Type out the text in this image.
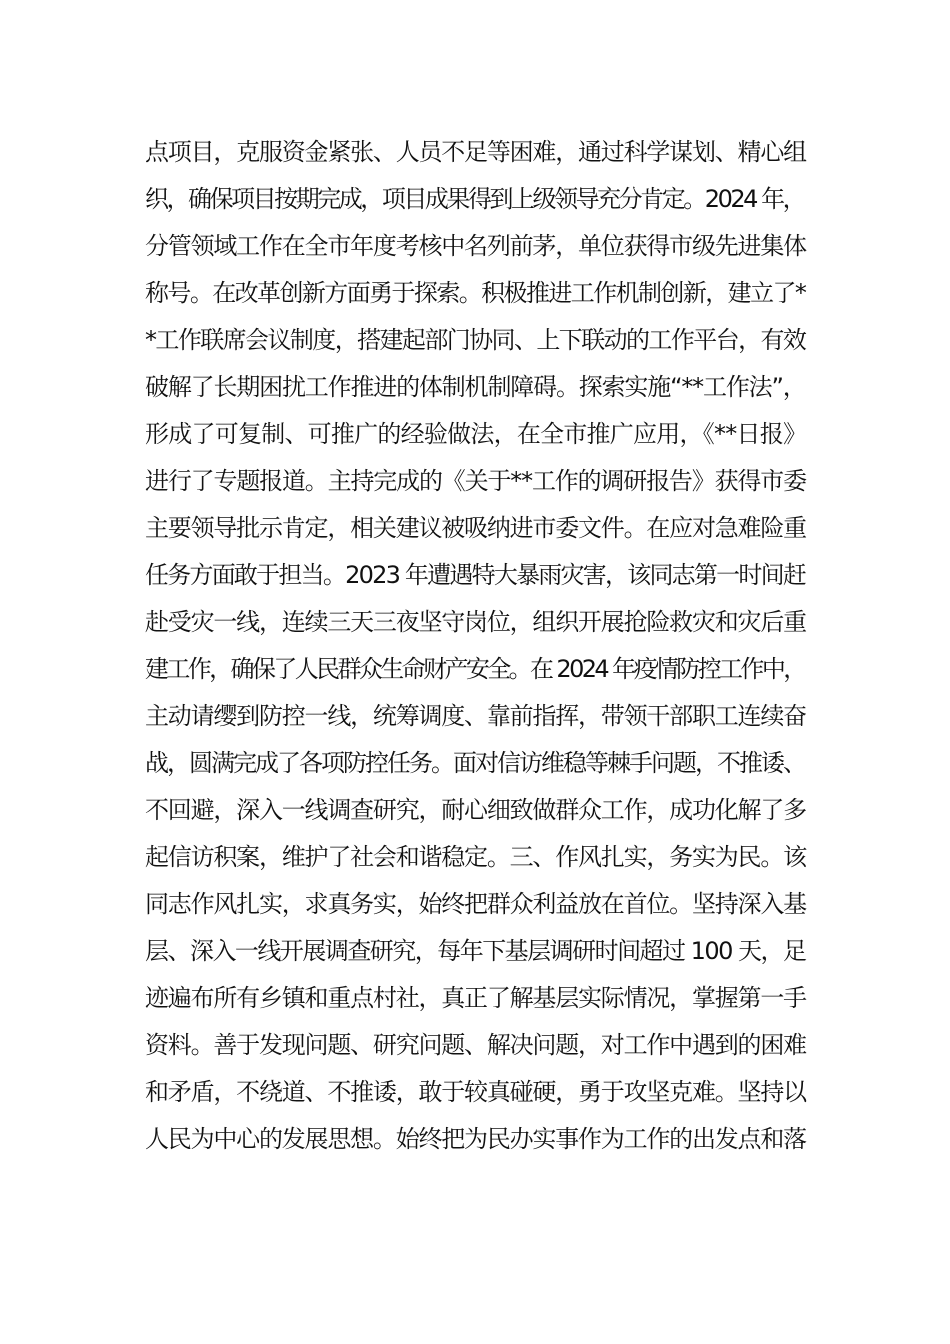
点项目，克服资金紧张、人员不足等困难，通过科学谋划、精心组
织，确保项目按期完成，项目成果得到上级领导充分肯定。2024 年，
分管领域工作在全市年度考核中名列前茅，单位获得市级先进集体
称号。在改革创新方面勇于探索。积极推进工作机制创新，建立了*
*工作联席会议制度，搭建起部门协同、上下联动的工作平台，有效
破解了长期困扰工作推进的体制机制障碍。探索实施“**工作法”，
形成了可复制、可推广的经验做法，在全市推广应用，《**日报》
进行了专题报道。主持完成的《关于**工作的调研报告》获得市委
主要领导批示肯定，相关建议被吸纳进市委文件。在应对急难险重
任务方面敢于担当。2023 年遭遇特大暴雨灾害，该同志第一时间赶
赴受灾一线，连续三天三夜坚守岗位，组织开展抢险救灾和灾后重
建工作，确保了人民群众生命财产安全。在 2024 年疫情防控工作中，
主动请缨到防控一线，统筹调度、靠前指挥，带领干部职工连续奋
战，圆满完成了各项防控任务。面对信访维稳等棘手问题，不推诿、
不回避，深入一线调查研究，耐心细致做群众工作，成功化解了多
起信访积案，维护了社会和谐稳定。三、作风扎实，务实为民。该
同志作风扎实，求真务实，始终把群众利益放在首位。坚持深入基
层、深入一线开展调查研究，每年下基层调研时间超过 100 天，足
迹遍布所有乡镇和重点村社，真正了解基层实际情况，掌握第一手
资料。善于发现问题、研究问题、解决问题，对工作中遇到的困难
和矛盾，不绕道、不推诿，敢于较真碰硬，勇于攻坚克难。坚持以
人民为中心的发展思想。始终把为民办实事作为工作的出发点和落
